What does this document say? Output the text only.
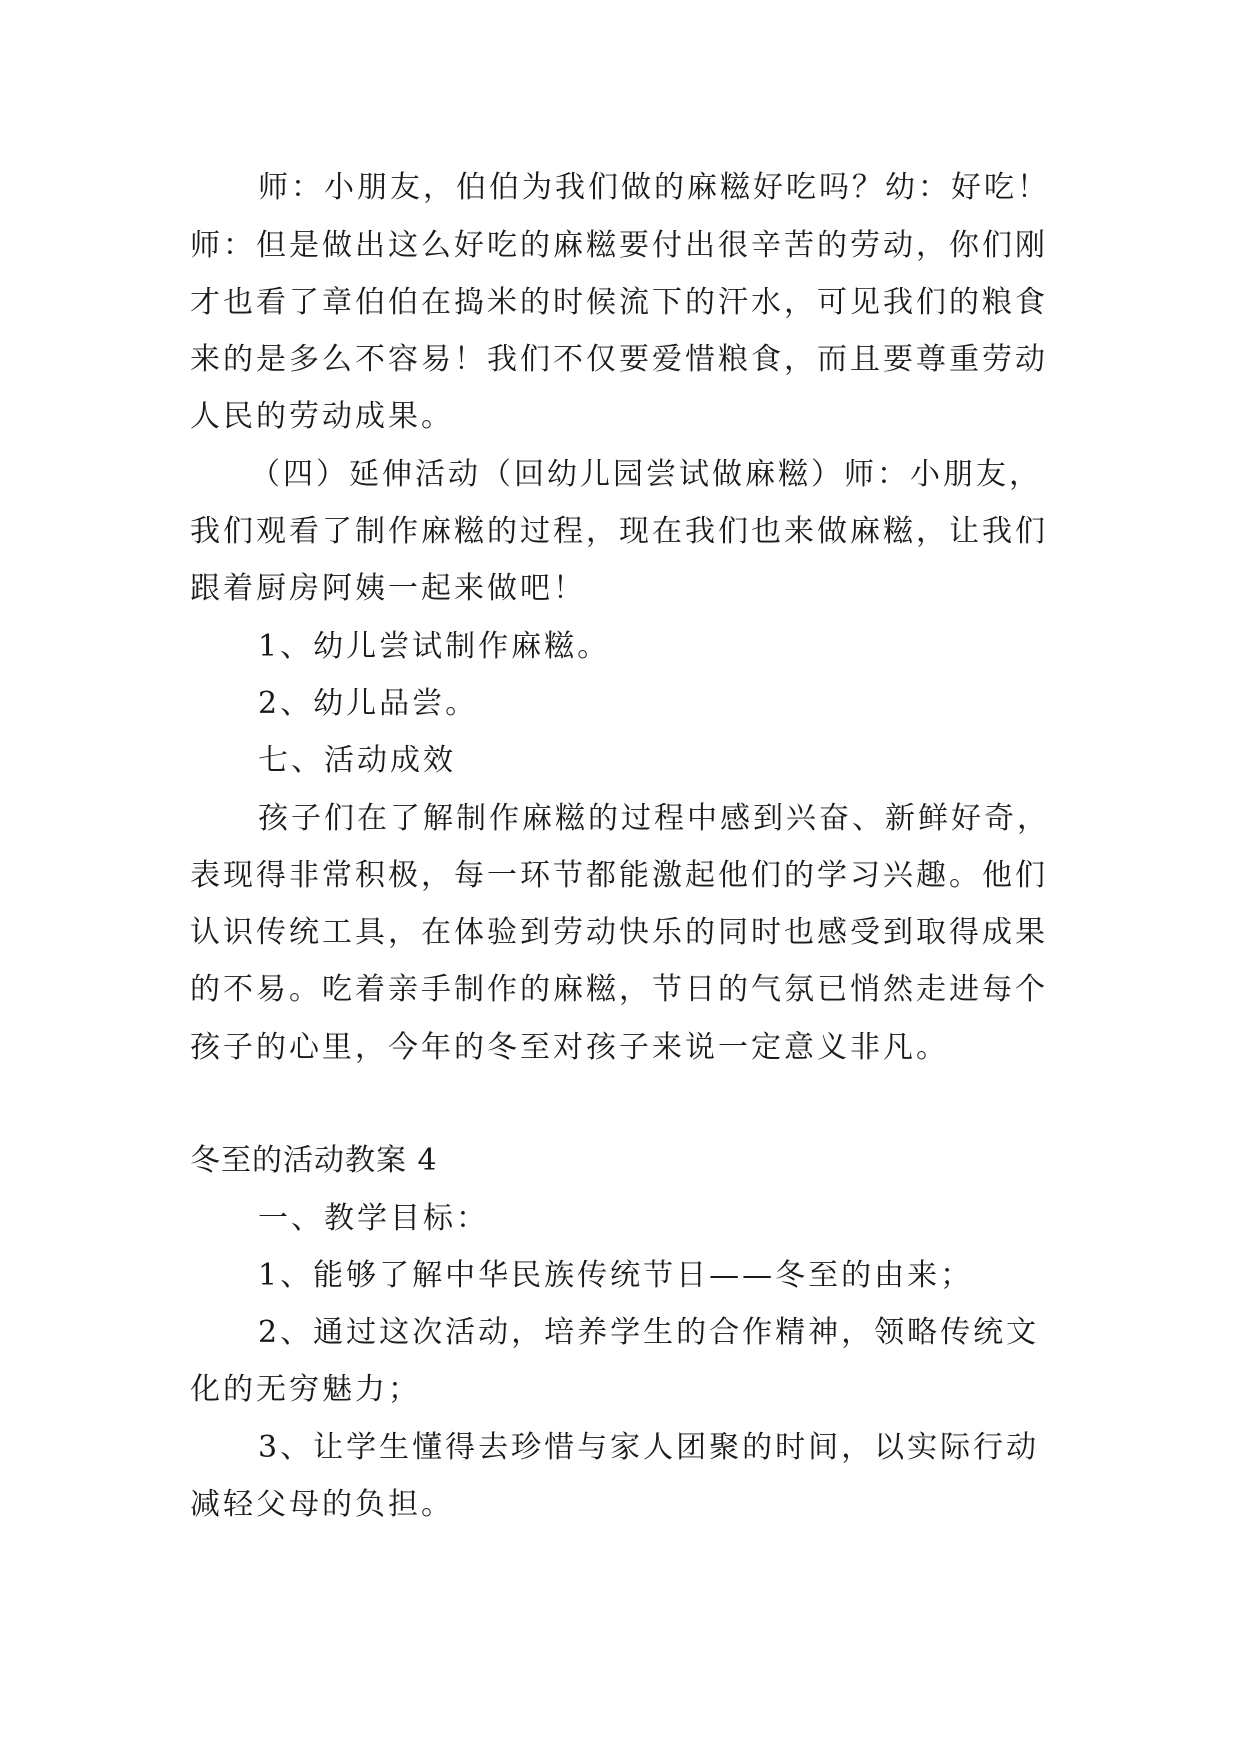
师：小朋友，伯伯为我们做的麻糍好吃吗？幼：好吃！
师：但是做出这么好吃的麻糍要付出很辛苦的劳动，你们刚
才也看了章伯伯在捣米的时候流下的汗水，可见我们的粮食
来的是多么不容易！我们不仅要爱惜粮食，而且要尊重劳动
人民的劳动成果。
（四）延伸活动（回幼儿园尝试做麻糍）师：小朋友，
我们观看了制作麻糍的过程，现在我们也来做麻糍，让我们
跟着厨房阿姨一起来做吧！
1、幼儿尝试制作麻糍。
2、幼儿品尝。
七、活动成效
孩子们在了解制作麻糍的过程中感到兴奋、新鲜好奇，
表现得非常积极，每一环节都能激起他们的学习兴趣。他们
认识传统工具，在体验到劳动快乐的同时也感受到取得成果
的不易。吃着亲手制作的麻糍，节日的气氛已悄然走进每个
孩子的心里，今年的冬至对孩子来说一定意义非凡。
冬至的活动教案 4
一、教学目标：
1、能够了解中华民族传统节日——冬至的由来；
2、通过这次活动，培养学生的合作精神，领略传统文
化的无穷魅力；
3、让学生懂得去珍惜与家人团聚的时间，以实际行动
减轻父母的负担。
